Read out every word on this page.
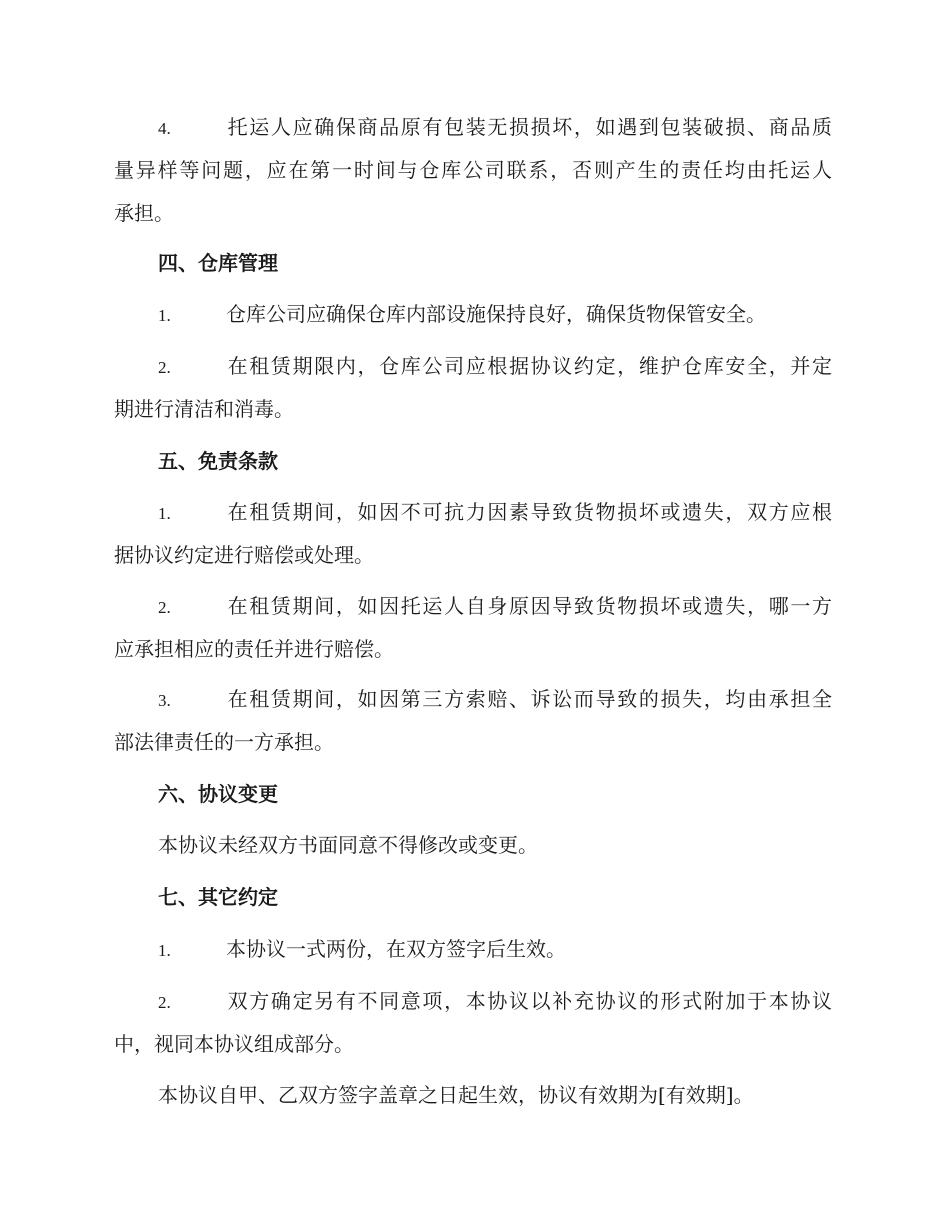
4.	托运人应确保商品原有包装无损损坏，如遇到包装破损、商品质
量异样等问题，应在第一时间与仓库公司联系，否则产生的责任均由托运人
承担。
四、仓库管理
1.	仓库公司应确保仓库内部设施保持良好，确保货物保管安全。
2.	在租赁期限内，仓库公司应根据协议约定，维护仓库安全，并定
期进行清洁和消毒。
五、免责条款
1.	在租赁期间，如因不可抗力因素导致货物损坏或遗失，双方应根
据协议约定进行赔偿或处理。
2.	在租赁期间，如因托运人自身原因导致货物损坏或遗失，哪一方
应承担相应的责任并进行赔偿。
3.	在租赁期间，如因第三方索赔、诉讼而导致的损失，均由承担全
部法律责任的一方承担。
六、协议变更
本协议未经双方书面同意不得修改或变更。
七、其它约定
1.	本协议一式两份，在双方签字后生效。
2.	双方确定另有不同意项，本协议以补充协议的形式附加于本协议
中，视同本协议组成部分。
本协议自甲、乙双方签字盖章之日起生效，协议有效期为[有效期]。
